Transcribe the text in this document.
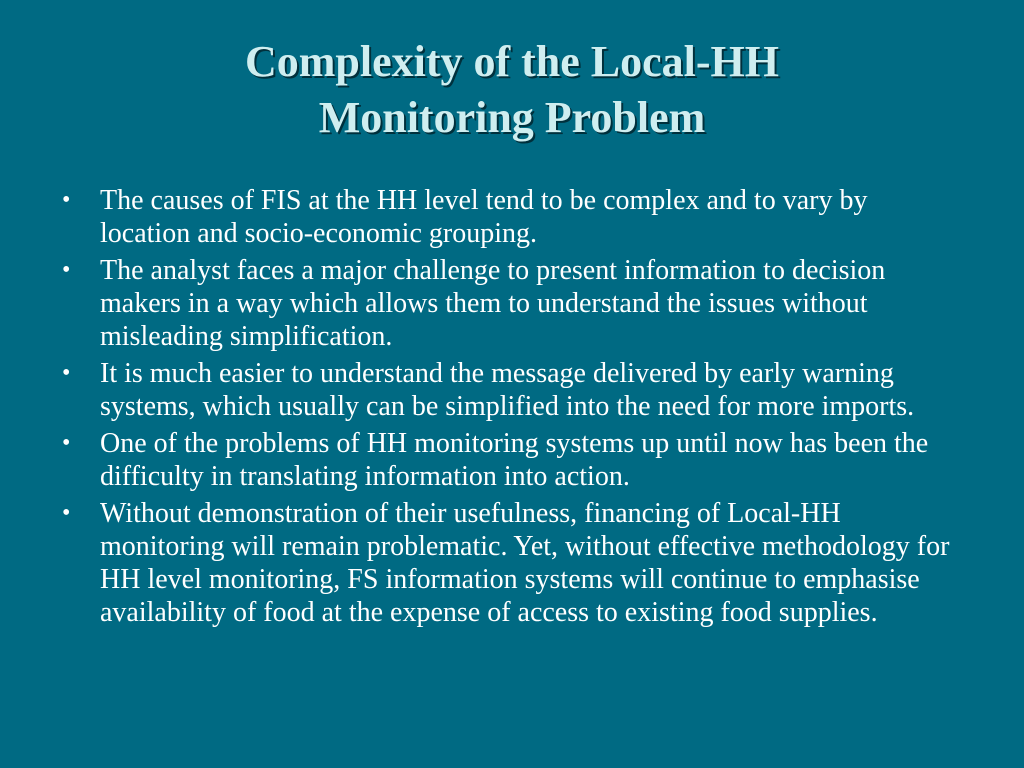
Complexity of the Local-HH
Monitoring Problem
•	The causes of FIS at the HH level tend to be complex and to vary by location and socio-economic grouping.
•	The analyst faces a major challenge to present information to decision makers in a way which allows them to understand the issues without misleading simplification.
•	It is much easier to understand the message delivered by early warning systems, which usually can be simplified into the need for more imports.
•	One of the problems of HH monitoring systems up until now has been the difficulty in translating information into action.
•	Without demonstration of their usefulness, financing of Local-HH monitoring will remain problematic. Yet, without effective methodology for HH level monitoring, FS information systems will continue to emphasise availability of food at the expense of access to existing food supplies.
